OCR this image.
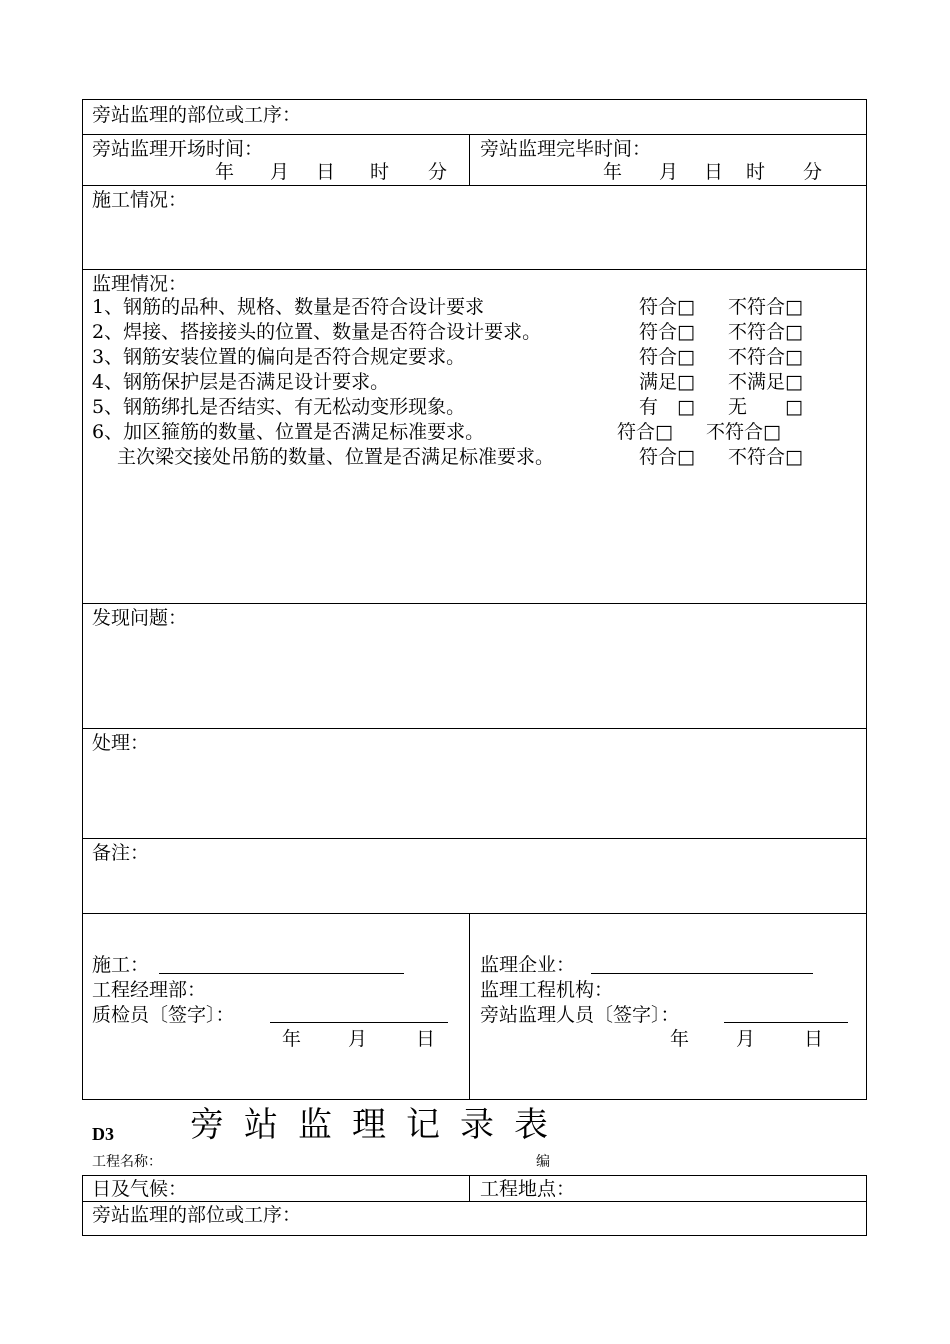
旁站监理的部位或工序：
旁站监理开场时间：
年 月 日 时 分
旁站监理完毕时间：
年 月 日 时 分
施工情况：
监理情况：
1、钢筋的品种、规格、数量是否符合设计要求	符合□ 不符合□
2、焊接、搭接接头的位置、数量是否符合设计要求。	符合□ 不符合□
3、钢筋安装位置的偏向是否符合规定要求。	符合□ 不符合□
4、钢筋保护层是否满足设计要求。	满足□ 不满足□
5、钢筋绑扎是否结实、有无松动变形现象。	有　□ 无　　□
6、加区箍筋的数量、位置是否满足标准要求。	符合□ 不符合□
　 主次梁交接处吊筋的数量、位置是否满足标准要求。	符合□ 不符合□
发现问题：
处理：
备注：
施工：
工程经理部：
质检员〔签字〕：
年 月	日
监理企业：
监理工程机构：
旁站监理人员〔签字〕：
年 月	日
D3 旁站监理记录表
工程名称：	编
日及气候：	工程地点：
旁站监理的部位或工序：
